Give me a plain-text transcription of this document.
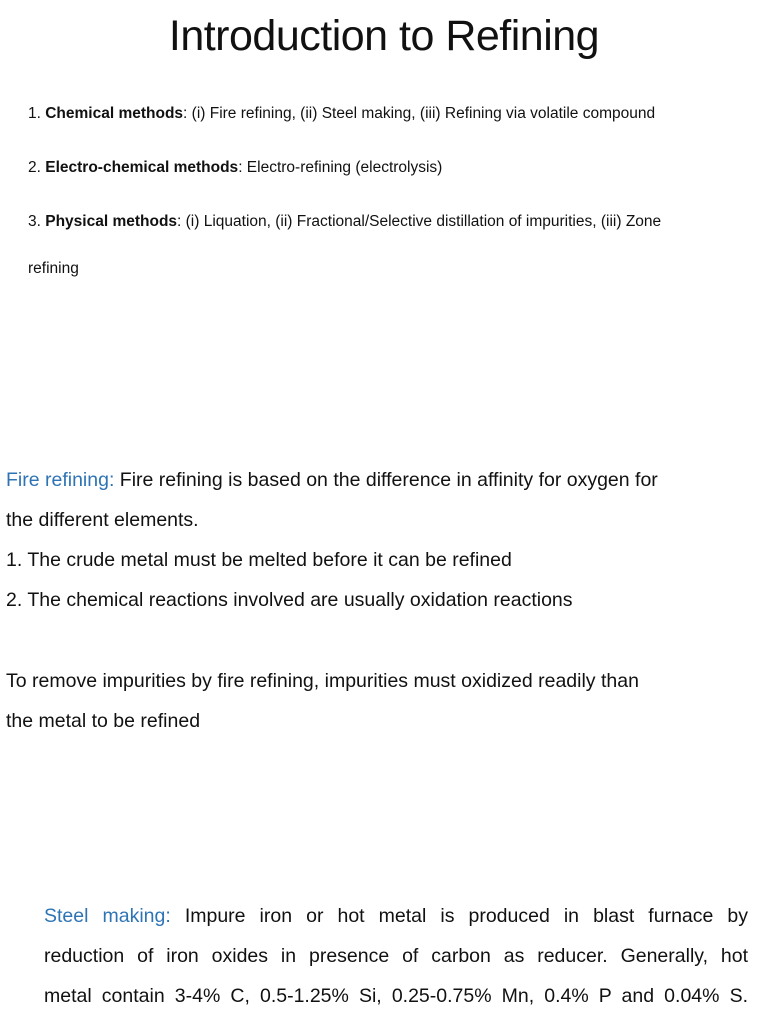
Introduction to Refining
1. Chemical methods: (i) Fire refining, (ii) Steel making, (iii) Refining via volatile compound
2. Electro-chemical methods: Electro-refining (electrolysis)
3. Physical methods: (i) Liquation, (ii) Fractional/Selective distillation of impurities, (iii) Zone
refining
Fire refining: Fire refining is based on the difference in affinity for oxygen for
the different elements.
1. The crude metal must be melted before it can be refined
2. The chemical reactions involved are usually oxidation reactions
To remove impurities by fire refining, impurities must oxidized readily than
the metal to be refined
Steel making: Impure iron or hot metal is produced in blast furnace by
reduction of iron oxides in presence of carbon as reducer. Generally, hot
metal contain 3-4% C, 0.5-1.25% Si, 0.25-0.75% Mn, 0.4% P and 0.04% S.
